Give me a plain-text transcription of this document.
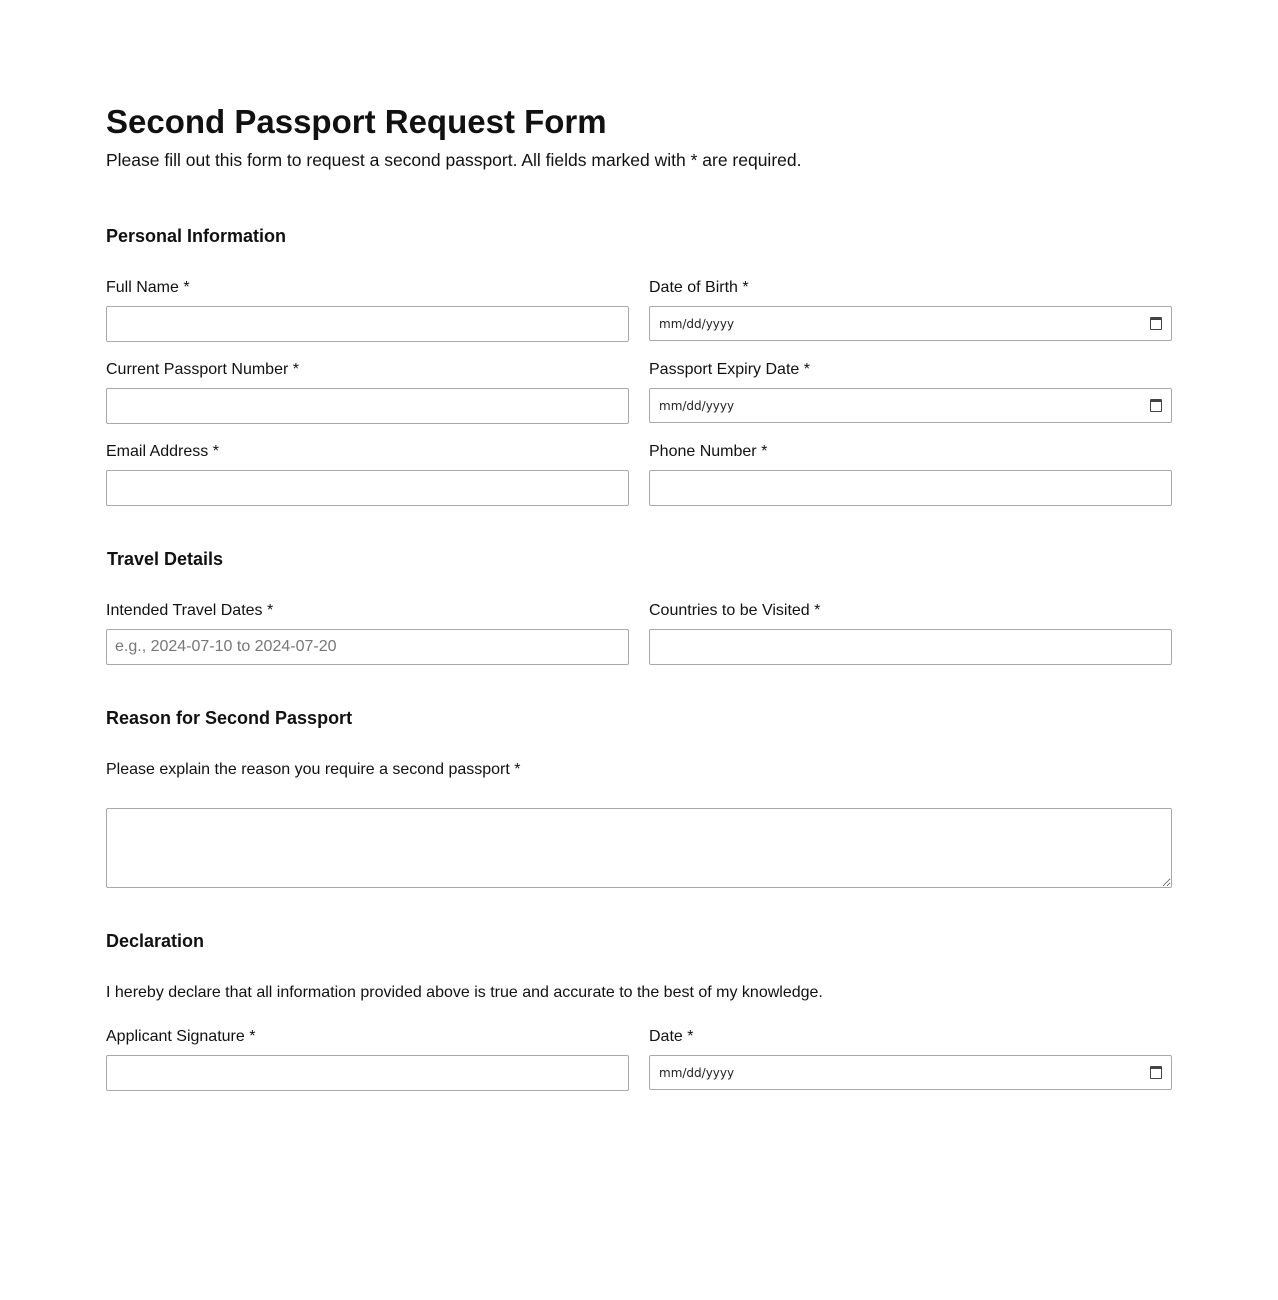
Second Passport Request Form
Please fill out this form to request a second passport. All fields marked with * are required.
Personal Information
Full Name *	Date of Birth *
mm/dd/yyyy
Current Passport Number *	Passport Expiry Date *
mm/dd/yyyy
Email Address *	Phone Number *
Travel Details
Intended Travel Dates *
e.g., 2024-07-10 to 2024-07-20
Countries to be Visited *
Reason for Second Passport
Please explain the reason you require a second passport *
Declaration
I hereby declare that all information provided above is true and accurate to the best of my knowledge.
Applicant Signature *	Date *
mm/dd/yyyy
